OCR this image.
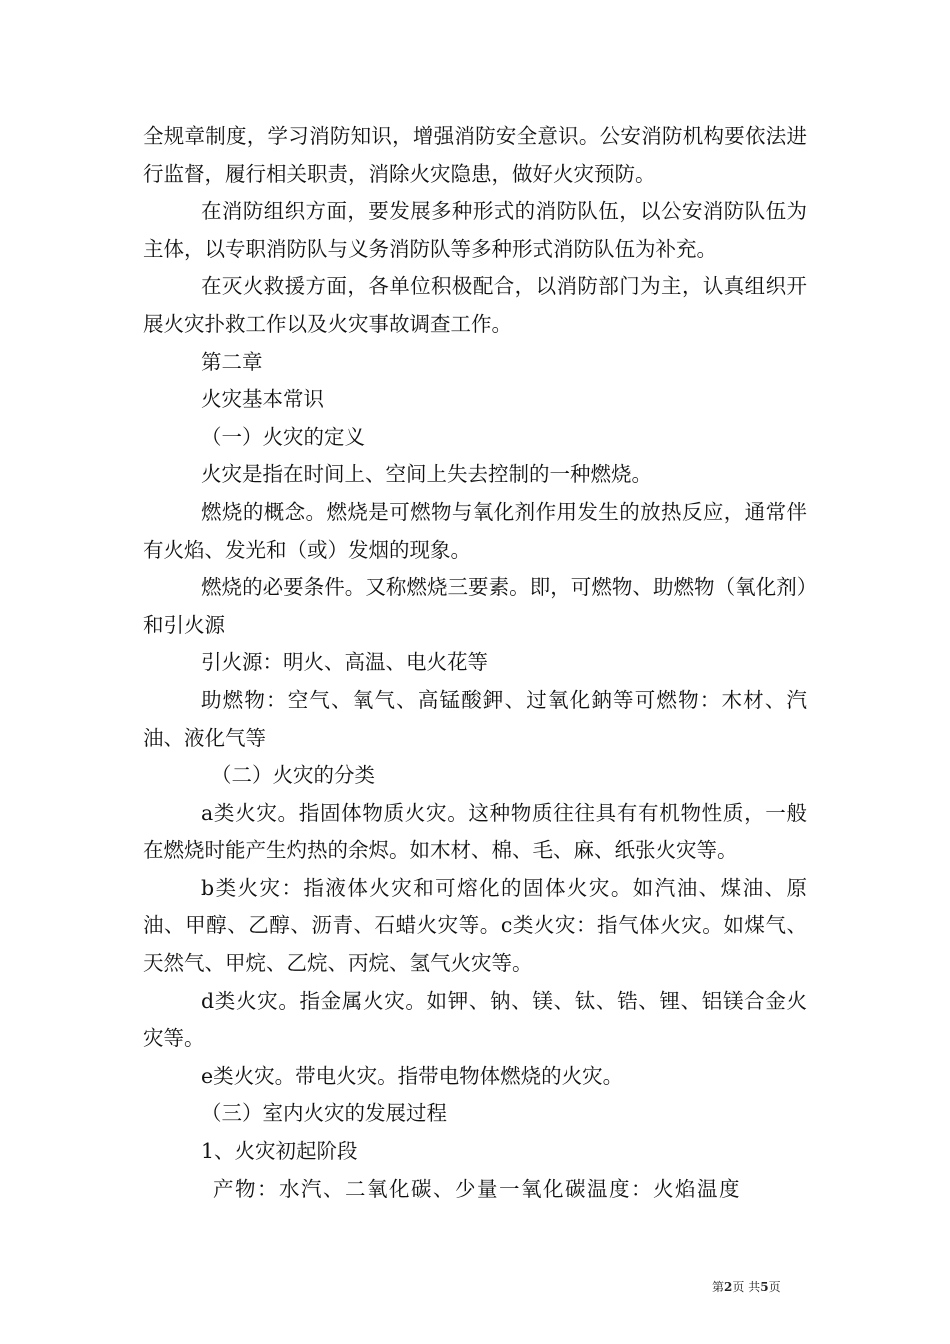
全规章制度，学习消防知识，增强消防安全意识。公安消防机构要依法进行监督，履行相关职责，消除火灾隐患，做好火灾预防。

在消防组织方面，要发展多种形式的消防队伍，以公安消防队伍为主体，以专职消防队与义务消防队等多种形式消防队伍为补充。

在灭火救援方面，各单位积极配合，以消防部门为主，认真组织开展火灾扑救工作以及火灾事故调查工作。

第二章

火灾基本常识

（一）火灾的定义

火灾是指在时间上、空间上失去控制的一种燃烧。

燃烧的概念。燃烧是可燃物与氧化剂作用发生的放热反应，通常伴有火焰、发光和（或）发烟的现象。

燃烧的必要条件。又称燃烧三要素。即，可燃物、助燃物（氧化剂）和引火源

引火源：明火、高温、电火花等

助燃物：空气、氧气、高锰酸鉀、过氧化鈉等可燃物：木材、汽油、液化气等

（二）火灾的分类

a类火灾。指固体物质火灾。这种物质往往具有有机物性质，一般在燃烧时能产生灼热的余烬。如木材、棉、毛、麻、纸张火灾等。

b类火灾：指液体火灾和可熔化的固体火灾。如汽油、煤油、原油、甲醇、乙醇、沥青、石蜡火灾等。c类火灾：指气体火灾。如煤气、天然气、甲烷、乙烷、丙烷、氢气火灾等。

d类火灾。指金属火灾。如钾、钠、镁、钛、锆、锂、铝镁合金火灾等。

e类火灾。带电火灾。指带电物体燃烧的火灾。

（三）室内火灾的发展过程

1、火灾初起阶段

产物：水汽、二氧化碳、少量一氧化碳温度：火焰温度

第2页 共5页
